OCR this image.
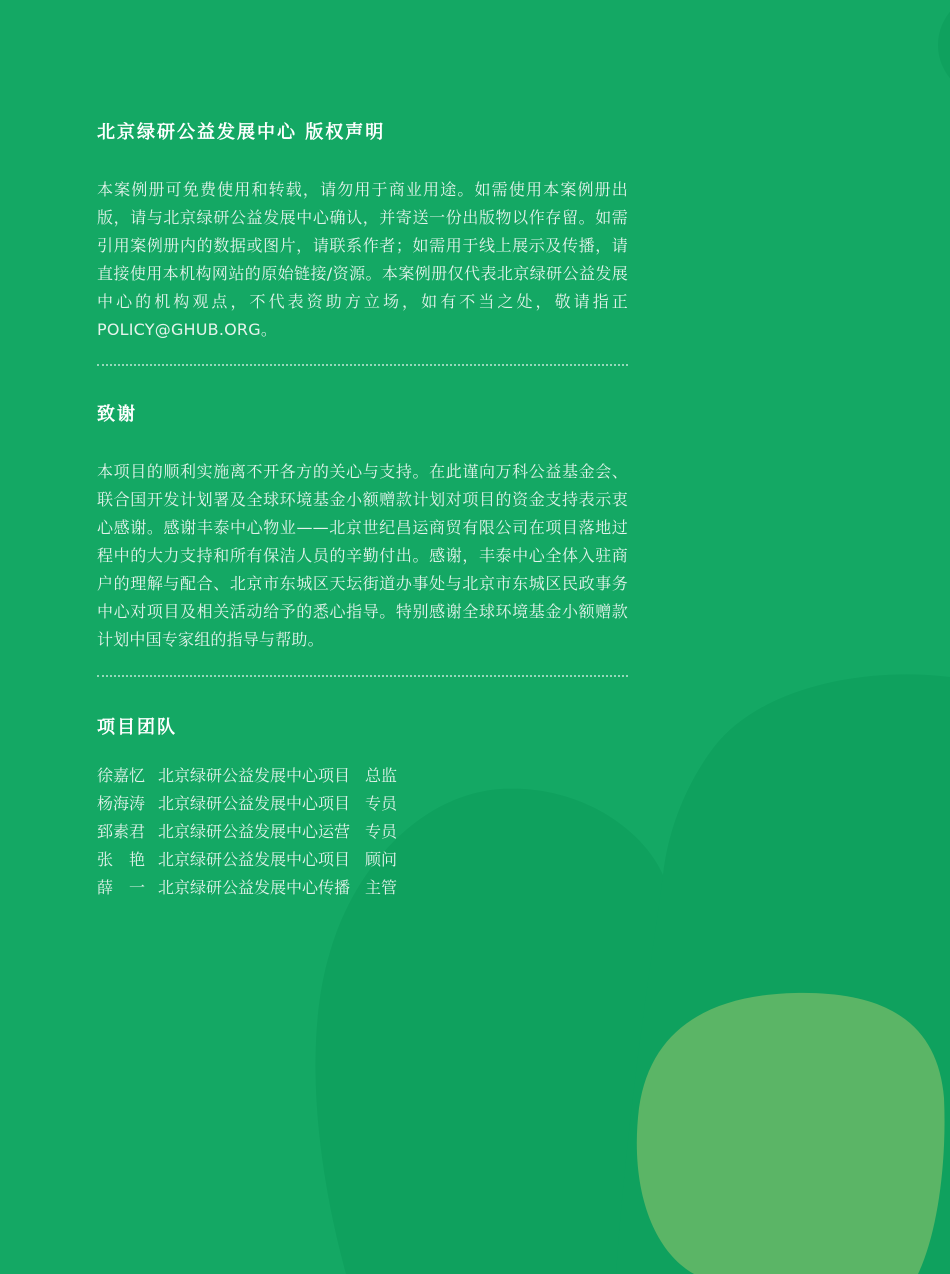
北京绿研公益发展中心 版权声明

本案例册可免费使用和转载，请勿用于商业用途。如需使用本案例册出版，请与北京绿研公益发展中心确认，并寄送一份出版物以作存留。如需引用案例册内的数据或图片，请联系作者；如需用于线上展示及传播，请直接使用本机构网站的原始链接/资源。本案例册仅代表北京绿研公益发展中心的机构观点，不代表资助方立场，如有不当之处，敬请指正 POLICY@GHUB.ORG。

致谢

本项目的顺利实施离不开各方的关心与支持。在此谨向万科公益基金会、联合国开发计划署及全球环境基金小额赠款计划对项目的资金支持表示衷心感谢。感谢丰泰中心物业——北京世纪昌运商贸有限公司在项目落地过程中的大力支持和所有保洁人员的辛勤付出。感谢，丰泰中心全体入驻商户的理解与配合、北京市东城区天坛街道办事处与北京市东城区民政事务中心对项目及相关活动给予的悉心指导。特别感谢全球环境基金小额赠款计划中国专家组的指导与帮助。

项目团队
徐嘉忆 北京绿研公益发展中心项目 总监
杨海涛 北京绿研公益发展中心项目 专员
郅素君 北京绿研公益发展中心运营 专员
张　艳 北京绿研公益发展中心项目 顾问
薛　一 北京绿研公益发展中心传播 主管
